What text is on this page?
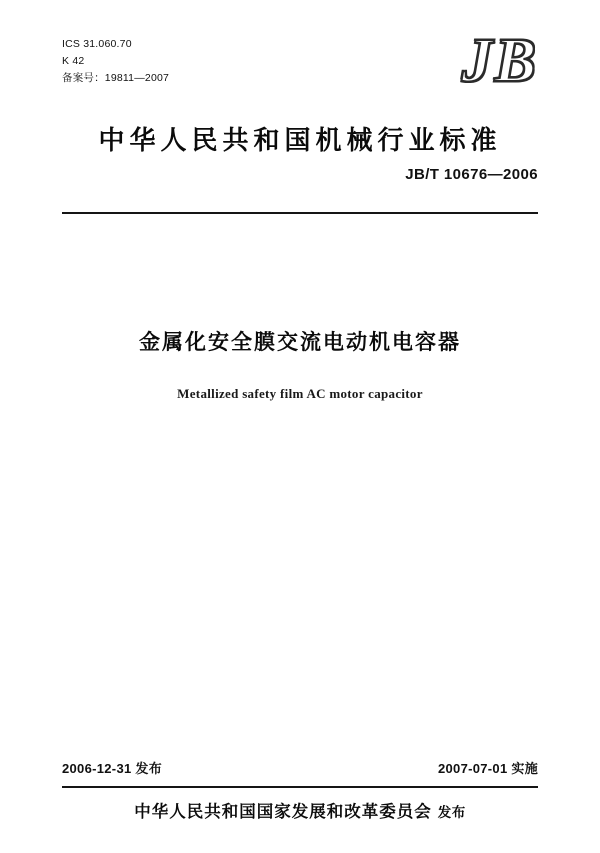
ICS 31.060.70
K 42
备案号：19811—2007	JB
中华人民共和国机械行业标准
JB/T 10676—2006
金属化安全膜交流电动机电容器
Metallized safety film AC motor capacitor
2006-12-31 发布	2007-07-01 实施
中华人民共和国国家发展和改革委员会 发布
